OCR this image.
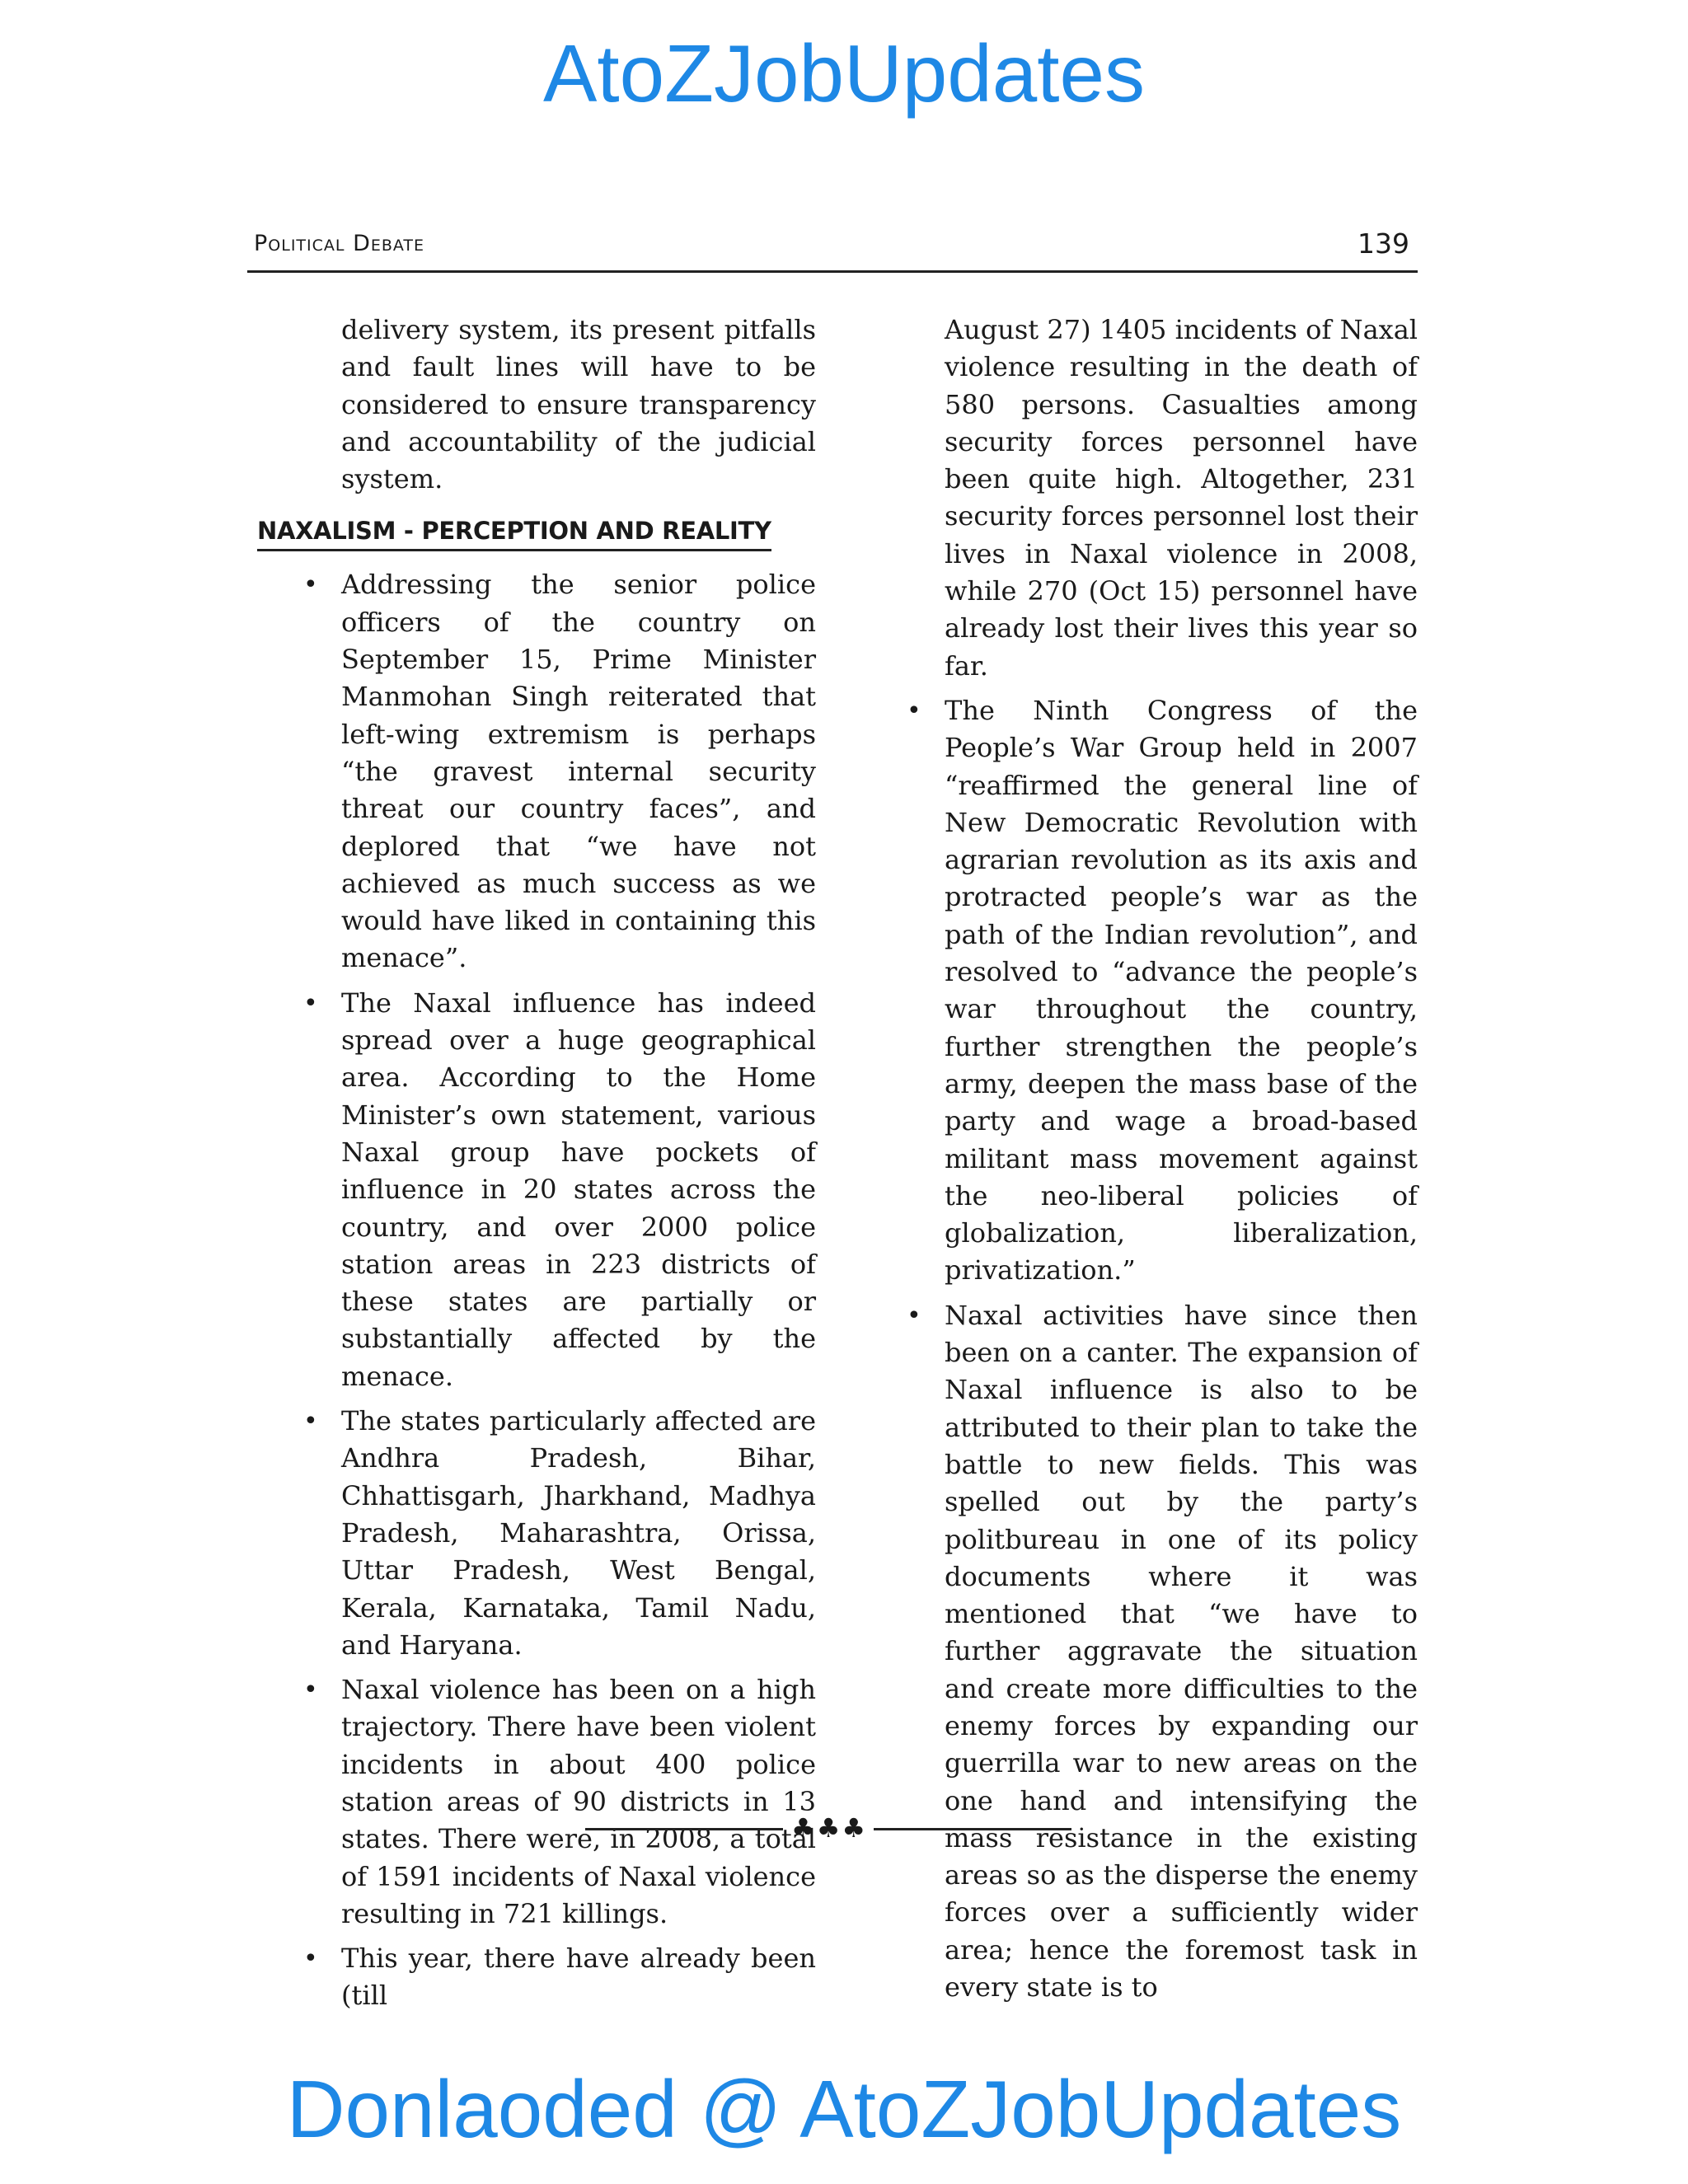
AtoZJobUpdates
Political Debate	139

delivery system, its present pitfalls and fault lines will have to be considered to ensure transparency and accountability of the judicial system.

NAXALISM - PERCEPTION AND REALITY
• Addressing the senior police officers of the country on September 15, Prime Minister Manmohan Singh reiterated that left-wing extremism is perhaps “the gravest internal security threat our country faces”, and deplored that “we have not achieved as much success as we would have liked in containing this menace”.
• The Naxal influence has indeed spread over a huge geographical area. According to the Home Minister’s own statement, various Naxal group have pockets of influence in 20 states across the country, and over 2000 police station areas in 223 districts of these states are partially or substantially affected by the menace.
• The states particularly affected are Andhra Pradesh, Bihar, Chhattisgarh, Jharkhand, Madhya Pradesh, Maharashtra, Orissa, Uttar Pradesh, West Bengal, Kerala, Karnataka, Tamil Nadu, and Haryana.
• Naxal violence has been on a high trajectory. There have been violent incidents in about 400 police station areas of 90 districts in 13 states. There were, in 2008, a total of 1591 incidents of Naxal violence resulting in 721 killings.
• This year, there have already been (till

August 27) 1405 incidents of Naxal violence resulting in the death of 580 persons. Casualties among security forces personnel have been quite high. Altogether, 231 security forces personnel lost their lives in Naxal violence in 2008, while 270 (Oct 15) personnel have already lost their lives this year so far.

• The Ninth Congress of the People’s War Group held in 2007 “reaffirmed the general line of New Democratic Revolution with agrarian revolution as its axis and protracted people’s war as the path of the Indian revolution”, and resolved to “advance the people’s war throughout the country, further strengthen the people’s army, deepen the mass base of the party and wage a broad-based militant mass movement against the neo-liberal policies of globalization, liberalization, privatization.”
• Naxal activities have since then been on a canter. The expansion of Naxal influence is also to be attributed to their plan to take the battle to new fields. This was spelled out by the party’s politbureau in one of its policy documents where it was mentioned that “we have to further aggravate the situation and create more difficulties to the enemy forces by expanding our guerrilla war to new areas on the one hand and intensifying the mass resistance in the existing areas so as the disperse the enemy forces over a sufficiently wider area; hence the foremost task in every state is to
♣♣♣
Donlaoded @ AtoZJobUpdates
